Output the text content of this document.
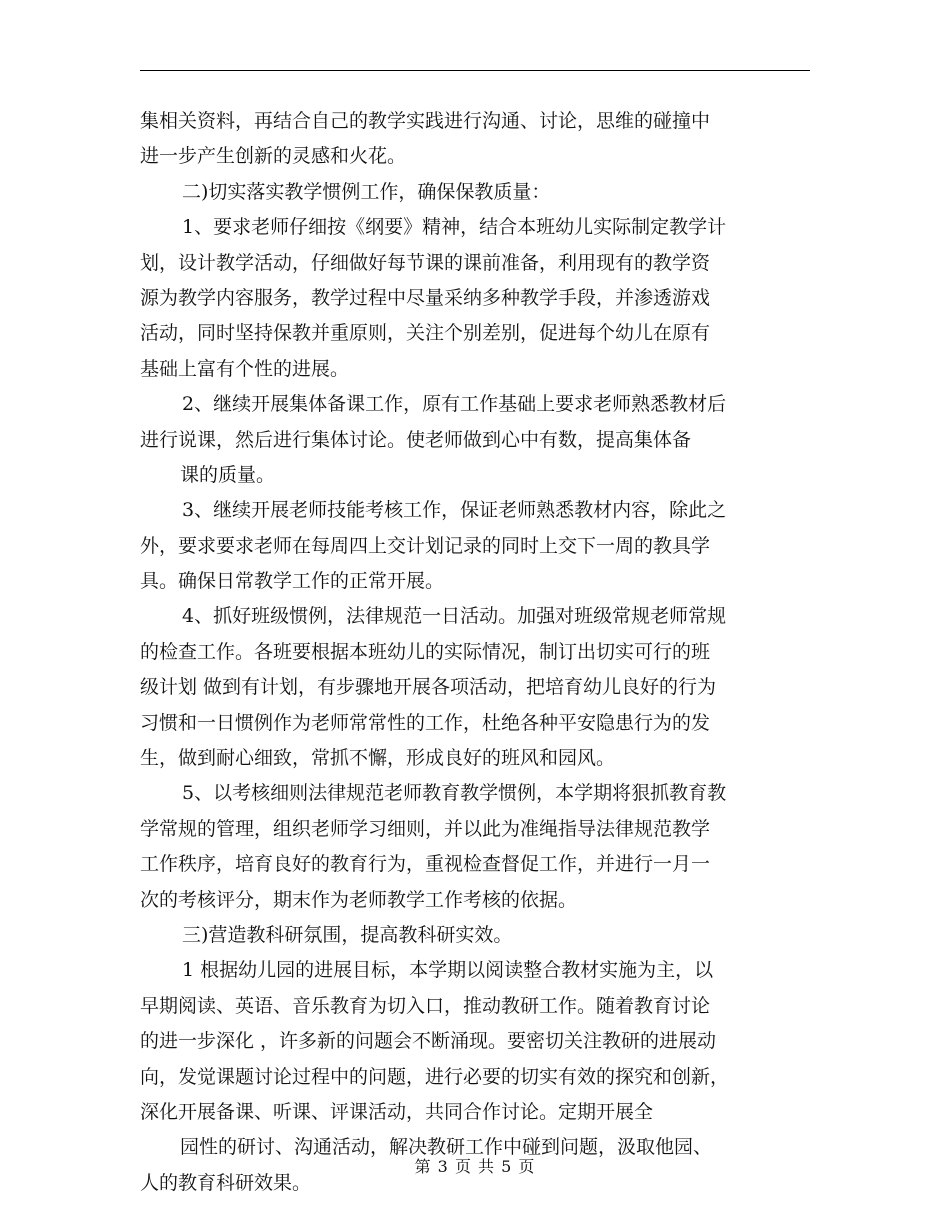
集相关资料，再结合自己的教学实践进行沟通、讨论，思维的碰撞中
进一步产生创新的灵感和火花。
二)切实落实教学惯例工作，确保保教质量：
1、要求老师仔细按《纲要》精神，结合本班幼儿实际制定教学计
划，设计教学活动，仔细做好每节课的课前准备，利用现有的教学资
源为教学内容服务，教学过程中尽量采纳多种教学手段，并渗透游戏
活动，同时坚持保教并重原则，关注个别差别，促进每个幼儿在原有
基础上富有个性的进展。
2、继续开展集体备课工作，原有工作基础上要求老师熟悉教材后
进行说课，然后进行集体讨论。使老师做到心中有数，提高集体备
课的质量。
3、继续开展老师技能考核工作，保证老师熟悉教材内容，除此之
外，要求要求老师在每周四上交计划记录的同时上交下一周的教具学
具。确保日常教学工作的正常开展。
4、抓好班级惯例，法律规范一日活动。加强对班级常规老师常规
的检查工作。各班要根据本班幼儿的实际情况，制订出切实可行的班
级计划 做到有计划，有步骤地开展各项活动，把培育幼儿良好的行为
习惯和一日惯例作为老师常常性的工作，杜绝各种平安隐患行为的发
生，做到耐心细致，常抓不懈，形成良好的班风和园风。
5、以考核细则法律规范老师教育教学惯例，本学期将狠抓教育教
学常规的管理，组织老师学习细则，并以此为准绳指导法律规范教学
工作秩序，培育良好的教育行为，重视检查督促工作，并进行一月一
次的考核评分，期末作为老师教学工作考核的依据。
三)营造教科研氛围，提高教科研实效。
1 根据幼儿园的进展目标，本学期以阅读整合教材实施为主，以
早期阅读、英语、音乐教育为切入口，推动教研工作。随着教育讨论
的进一步深化 ，许多新的问题会不断涌现。要密切关注教研的进展动
向，发觉课题讨论过程中的问题，进行必要的切实有效的探究和创新，
深化开展备课、听课、评课活动，共同合作讨论。定期开展全
园性的研讨、沟通活动，解决教研工作中碰到问题，汲取他园、
人的教育科研效果。
第 3 页 共 5 页
